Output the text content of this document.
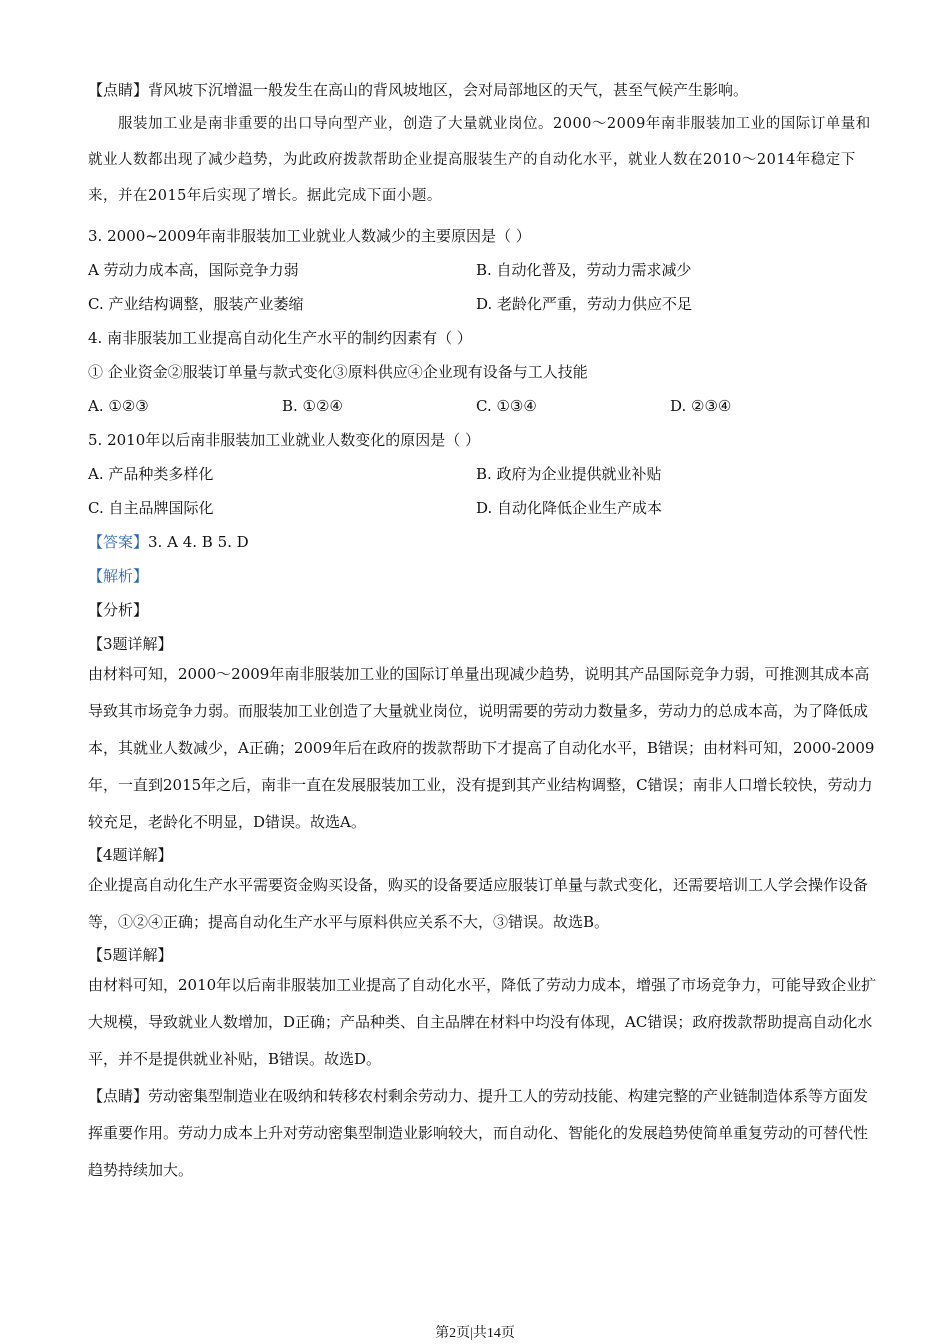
【点睛】背风坡下沉增温一般发生在高山的背风坡地区，会对局部地区的天气，甚至气候产生影响。
服装加工业是南非重要的出口导向型产业，创造了大量就业岗位。2000～2009年南非服装加工业的国际订单量和就业人数都出现了减少趋势，为此政府拨款帮助企业提高服装生产的自动化水平，就业人数在2010～2014年稳定下来，并在2015年后实现了增长。据此完成下面小题。
3. 2000~2009年南非服装加工业就业人数减少的主要原因是（ ）
A 劳动力成本高，国际竞争力弱	B. 自动化普及，劳动力需求减少
C. 产业结构调整，服装产业萎缩	D. 老龄化严重，劳动力供应不足
4. 南非服装加工业提高自动化生产水平的制约因素有（ ）
① 企业资金②服装订单量与款式变化③原料供应④企业现有设备与工人技能
A. ①②③	B. ①②④	C. ①③④	D. ②③④
5. 2010年以后南非服装加工业就业人数变化的原因是（ ）
A. 产品种类多样化	B. 政府为企业提供就业补贴
C. 自主品牌国际化	D. 自动化降低企业生产成本
【答案】3. A 4. B 5. D
【解析】
【分析】
【3题详解】
由材料可知，2000～2009年南非服装加工业的国际订单量出现减少趋势，说明其产品国际竞争力弱，可推测其成本高导致其市场竞争力弱。而服装加工业创造了大量就业岗位，说明需要的劳动力数量多，劳动力的总成本高，为了降低成本，其就业人数减少，A正确；2009年后在政府的拨款帮助下才提高了自动化水平，B错误；由材料可知，2000-2009年，一直到2015年之后，南非一直在发展服装加工业，没有提到其产业结构调整，C错误；南非人口增长较快，劳动力较充足，老龄化不明显，D错误。故选A。
【4题详解】
企业提高自动化生产水平需要资金购买设备，购买的设备要适应服装订单量与款式变化，还需要培训工人学会操作设备等，①②④正确；提高自动化生产水平与原料供应关系不大，③错误。故选B。
【5题详解】
由材料可知，2010年以后南非服装加工业提高了自动化水平，降低了劳动力成本，增强了市场竞争力，可能导致企业扩大规模，导致就业人数增加，D正确；产品种类、自主品牌在材料中均没有体现，AC错误；政府拨款帮助提高自动化水平，并不是提供就业补贴，B错误。故选D。
【点睛】劳动密集型制造业在吸纳和转移农村剩余劳动力、提升工人的劳动技能、构建完整的产业链制造体系等方面发挥重要作用。劳动力成本上升对劳动密集型制造业影响较大，而自动化、智能化的发展趋势使简单重复劳动的可替代性趋势持续加大。
第2页|共14页
